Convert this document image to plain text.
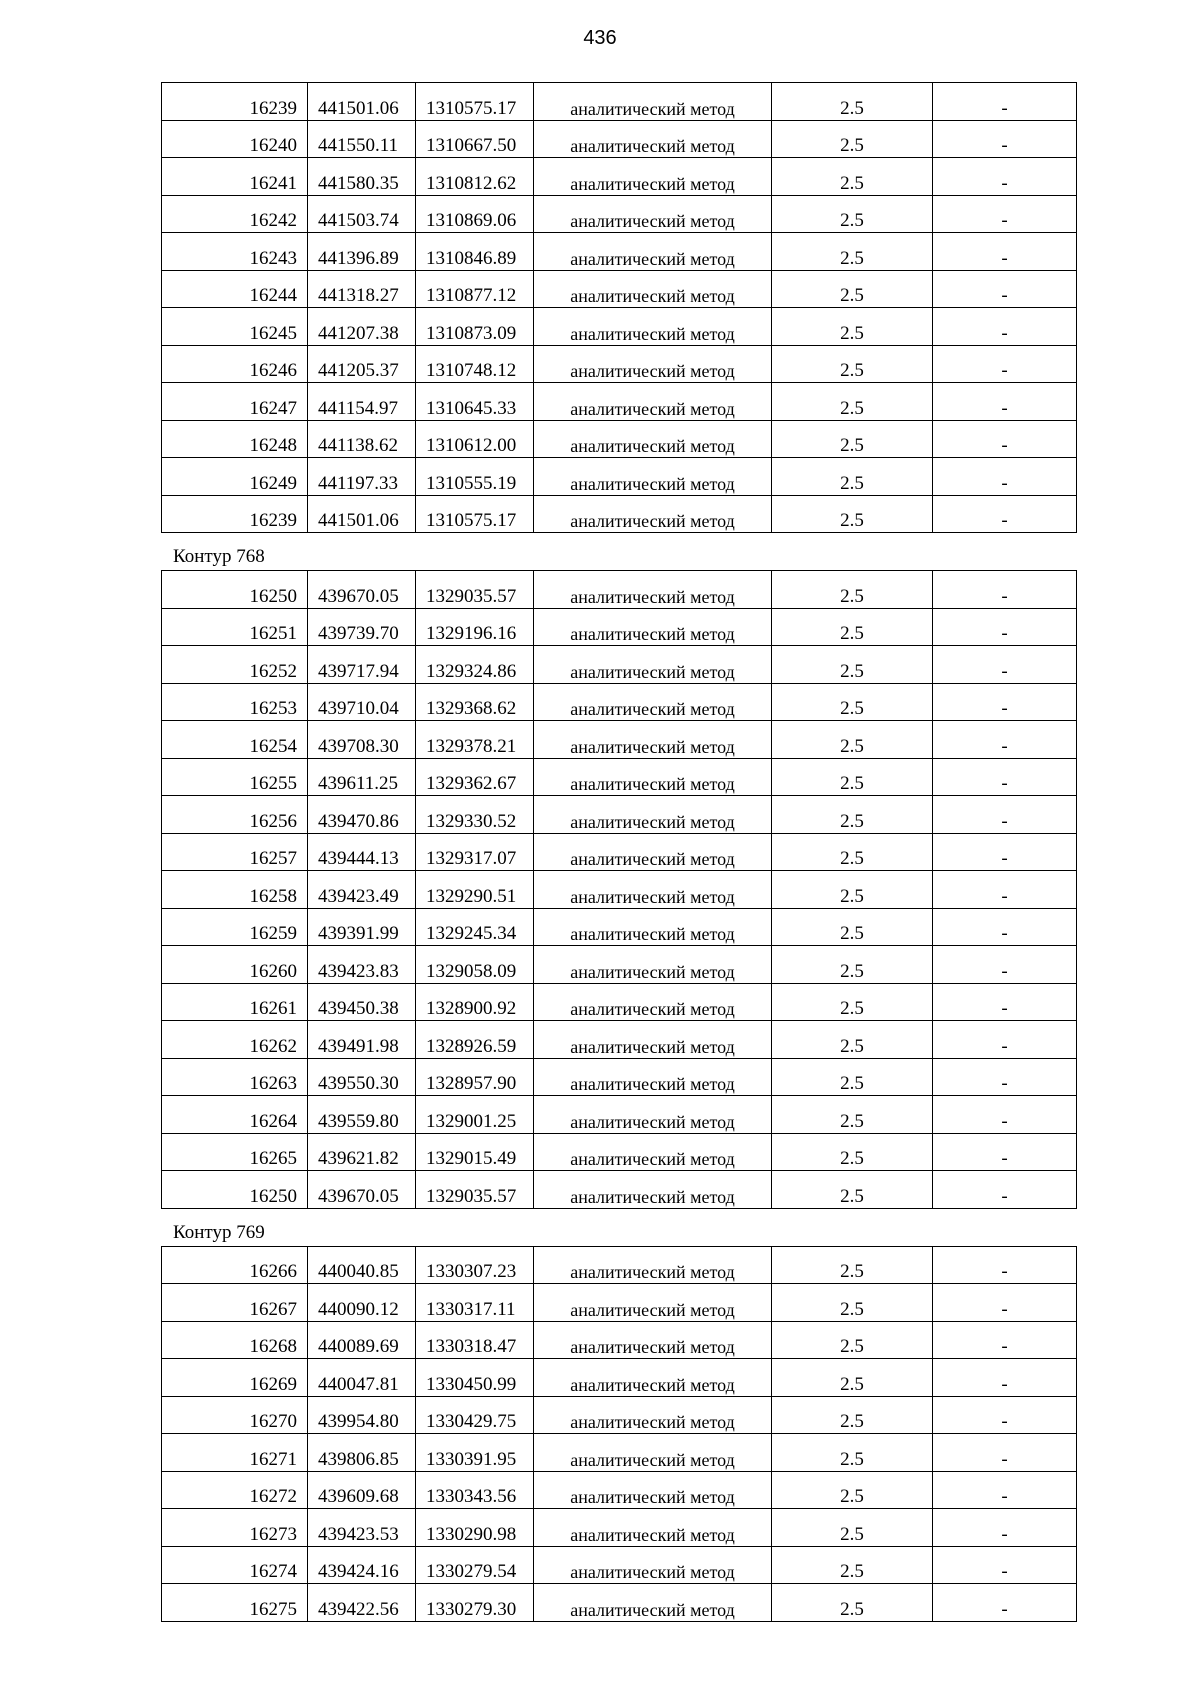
436
16239	441501.06	1310575.17	аналитический метод	2.5	-
16240	441550.11	1310667.50	аналитический метод	2.5	-
16241	441580.35	1310812.62	аналитический метод	2.5	-
16242	441503.74	1310869.06	аналитический метод	2.5	-
16243	441396.89	1310846.89	аналитический метод	2.5	-
16244	441318.27	1310877.12	аналитический метод	2.5	-
16245	441207.38	1310873.09	аналитический метод	2.5	-
16246	441205.37	1310748.12	аналитический метод	2.5	-
16247	441154.97	1310645.33	аналитический метод	2.5	-
16248	441138.62	1310612.00	аналитический метод	2.5	-
16249	441197.33	1310555.19	аналитический метод	2.5	-
16239	441501.06	1310575.17	аналитический метод	2.5	-
Контур 768
16250	439670.05	1329035.57	аналитический метод	2.5	-
16251	439739.70	1329196.16	аналитический метод	2.5	-
16252	439717.94	1329324.86	аналитический метод	2.5	-
16253	439710.04	1329368.62	аналитический метод	2.5	-
16254	439708.30	1329378.21	аналитический метод	2.5	-
16255	439611.25	1329362.67	аналитический метод	2.5	-
16256	439470.86	1329330.52	аналитический метод	2.5	-
16257	439444.13	1329317.07	аналитический метод	2.5	-
16258	439423.49	1329290.51	аналитический метод	2.5	-
16259	439391.99	1329245.34	аналитический метод	2.5	-
16260	439423.83	1329058.09	аналитический метод	2.5	-
16261	439450.38	1328900.92	аналитический метод	2.5	-
16262	439491.98	1328926.59	аналитический метод	2.5	-
16263	439550.30	1328957.90	аналитический метод	2.5	-
16264	439559.80	1329001.25	аналитический метод	2.5	-
16265	439621.82	1329015.49	аналитический метод	2.5	-
16250	439670.05	1329035.57	аналитический метод	2.5	-
Контур 769
16266	440040.85	1330307.23	аналитический метод	2.5	-
16267	440090.12	1330317.11	аналитический метод	2.5	-
16268	440089.69	1330318.47	аналитический метод	2.5	-
16269	440047.81	1330450.99	аналитический метод	2.5	-
16270	439954.80	1330429.75	аналитический метод	2.5	-
16271	439806.85	1330391.95	аналитический метод	2.5	-
16272	439609.68	1330343.56	аналитический метод	2.5	-
16273	439423.53	1330290.98	аналитический метод	2.5	-
16274	439424.16	1330279.54	аналитический метод	2.5	-
16275	439422.56	1330279.30	аналитический метод	2.5	-
